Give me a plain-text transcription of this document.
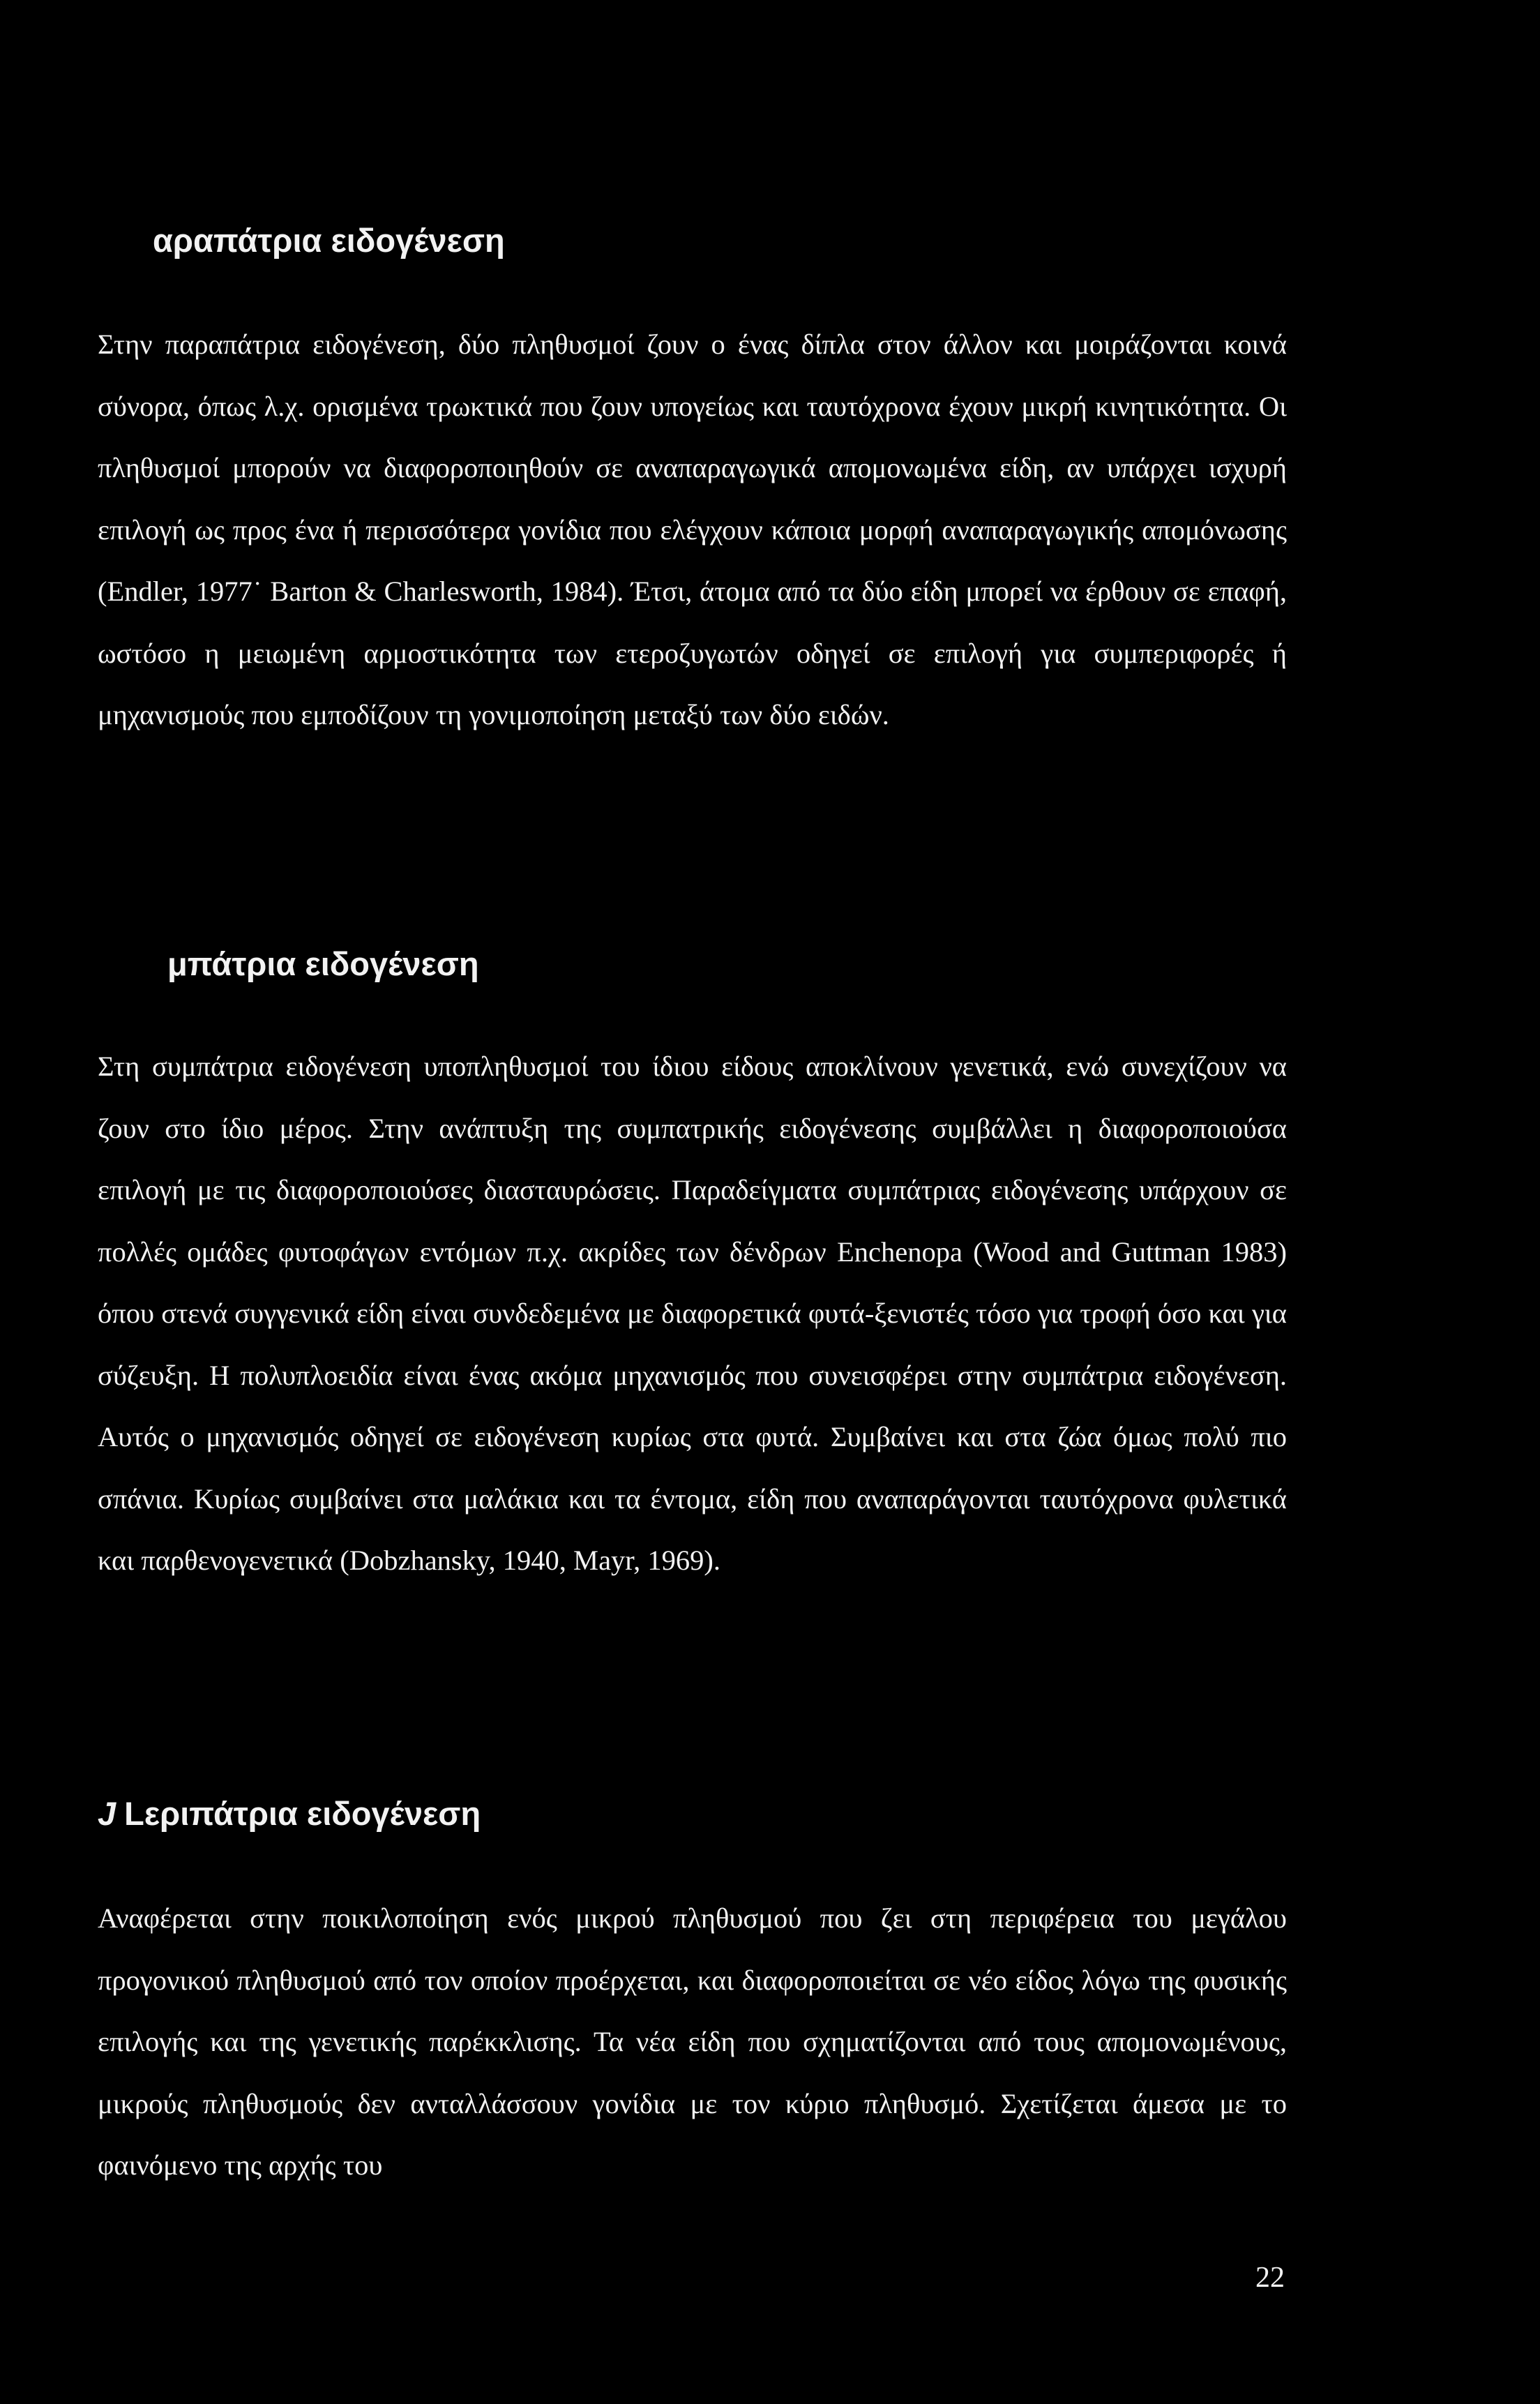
αραπάτρια ειδογένεση

Στην παραπάτρια ειδογένεση, δύο πληθυσμοί ζουν ο ένας δίπλα στον άλλον και μοιράζονται κοινά σύνορα, όπως λ.χ. ορισμένα τρωκτικά που ζουν υπογείως και ταυτόχρονα έχουν μικρή κινητικότητα. Οι πληθυσμοί μπορούν να διαφοροποιηθούν σε αναπαραγωγικά απομονωμένα είδη, αν υπάρχει ισχυρή επιλογή ως προς ένα ή περισσότερα γονίδια που ελέγχουν κάποια μορφή αναπαραγωγικής απομόνωσης (Endler, 1977˙ Barton & Charlesworth, 1984). Έτσι, άτομα από τα δύο είδη μπορεί να έρθουν σε επαφή, ωστόσο η μειωμένη αρμοστικότητα των ετεροζυγωτών οδηγεί σε επιλογή για συμπεριφορές ή μηχανισμούς που εμποδίζουν τη γονιμοποίηση μεταξύ των δύο ειδών.

μπάτρια ειδογένεση

Στη συμπάτρια ειδογένεση υποπληθυσμοί του ίδιου είδους αποκλίνουν γενετικά, ενώ συνεχίζουν να ζουν στο ίδιο μέρος. Στην ανάπτυξη της συμπατρικής ειδογένεσης συμβάλλει η διαφοροποιούσα επιλογή με τις διαφοροποιούσες διασταυρώσεις. Παραδείγματα συμπάτριας ειδογένεσης υπάρχουν σε πολλές ομάδες φυτοφάγων εντόμων π.χ. ακρίδες των δένδρων Enchenopa (Wood and Guttman 1983) όπου στενά συγγενικά είδη είναι συνδεδεμένα με διαφορετικά φυτά-ξενιστές τόσο για τροφή όσο και για σύζευξη. Η πολυπλοειδία είναι ένας ακόμα μηχανισμός που συνεισφέρει στην συμπάτρια ειδογένεση. Αυτός ο μηχανισμός οδηγεί σε ειδογένεση κυρίως στα φυτά. Συμβαίνει και στα ζώα όμως πολύ πιο σπάνια. Κυρίως συμβαίνει στα μαλάκια και τα έντομα, είδη που αναπαράγονται ταυτόχρονα φυλετικά και παρθενογενετικά (Dobzhansky, 1940, Mayr, 1969).

J Lεριπάτρια ειδογένεση

Αναφέρεται στην ποικιλοποίηση ενός μικρού πληθυσμού που ζει στη περιφέρεια του μεγάλου προγονικού πληθυσμού από τον οποίον προέρχεται, και διαφοροποιείται σε νέο είδος λόγω της φυσικής επιλογής και της γενετικής παρέκκλισης. Τα νέα είδη που σχηματίζονται από τους απομονωμένους, μικρούς πληθυσμούς δεν ανταλλάσσουν γονίδια με τον κύριο πληθυσμό. Σχετίζεται άμεσα με το φαινόμενο της αρχής του

22
